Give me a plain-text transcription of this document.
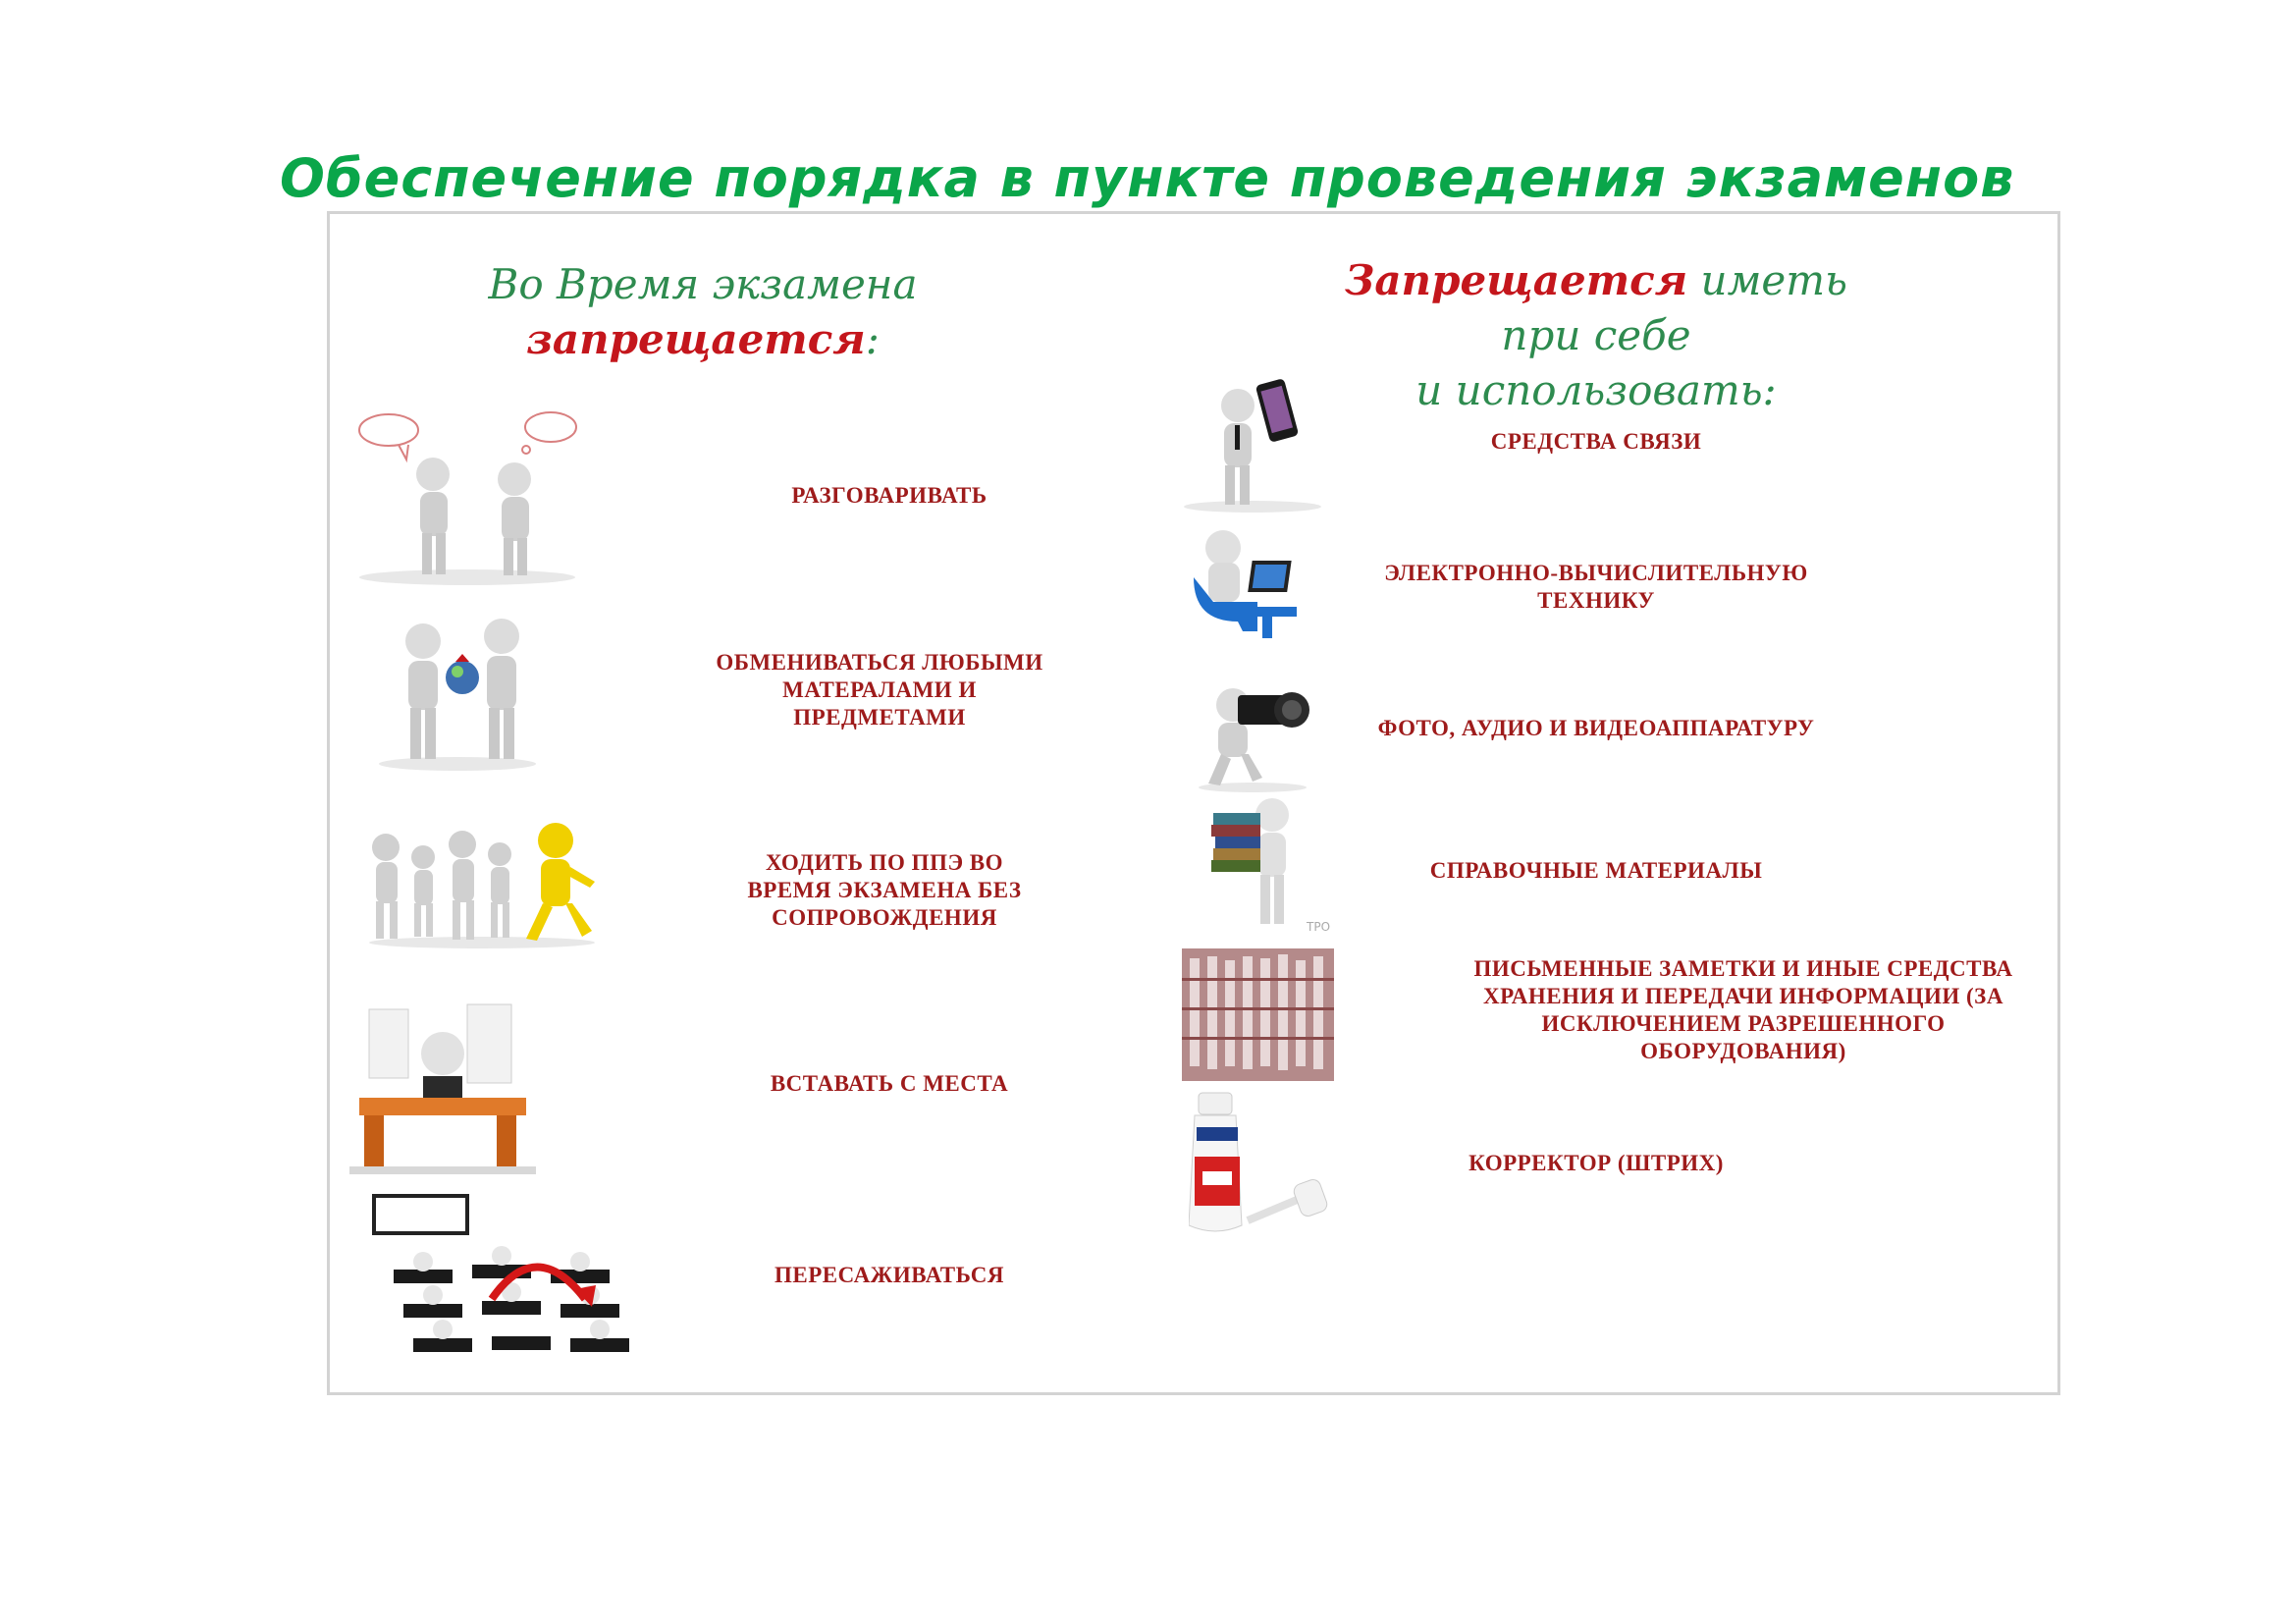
Обеспечение порядка в пункте проведения экзаменов
Во Время экзамена
запрещается:
Запрещается иметь при себе
и использовать:
РАЗГОВАРИВАТЬ
ОБМЕНИВАТЬСЯ ЛЮБЫМИ МАТЕРАЛАМИ И ПРЕДМЕТАМИ
ХОДИТЬ ПО ППЭ ВО ВРЕМЯ ЭКЗАМЕНА БЕЗ СОПРОВОЖДЕНИЯ
ВСТАВАТЬ С МЕСТА
ПЕРЕСАЖИВАТЬСЯ
СРЕДСТВА СВЯЗИ
ЭЛЕКТРОННО-ВЫЧИСЛИТЕЛЬНУЮ ТЕХНИКУ
ФОТО, АУДИО И ВИДЕОАППАРАТУРУ
ТРО
СПРАВОЧНЫЕ МАТЕРИАЛЫ
ПИСЬМЕННЫЕ ЗАМЕТКИ И ИНЫЕ СРЕДСТВА ХРАНЕНИЯ И ПЕРЕДАЧИ ИНФОРМАЦИИ (ЗА ИСКЛЮЧЕНИЕМ РАЗРЕШЕННОГО ОБОРУДОВАНИЯ)
КОРРЕКТОР (ШТРИХ)
